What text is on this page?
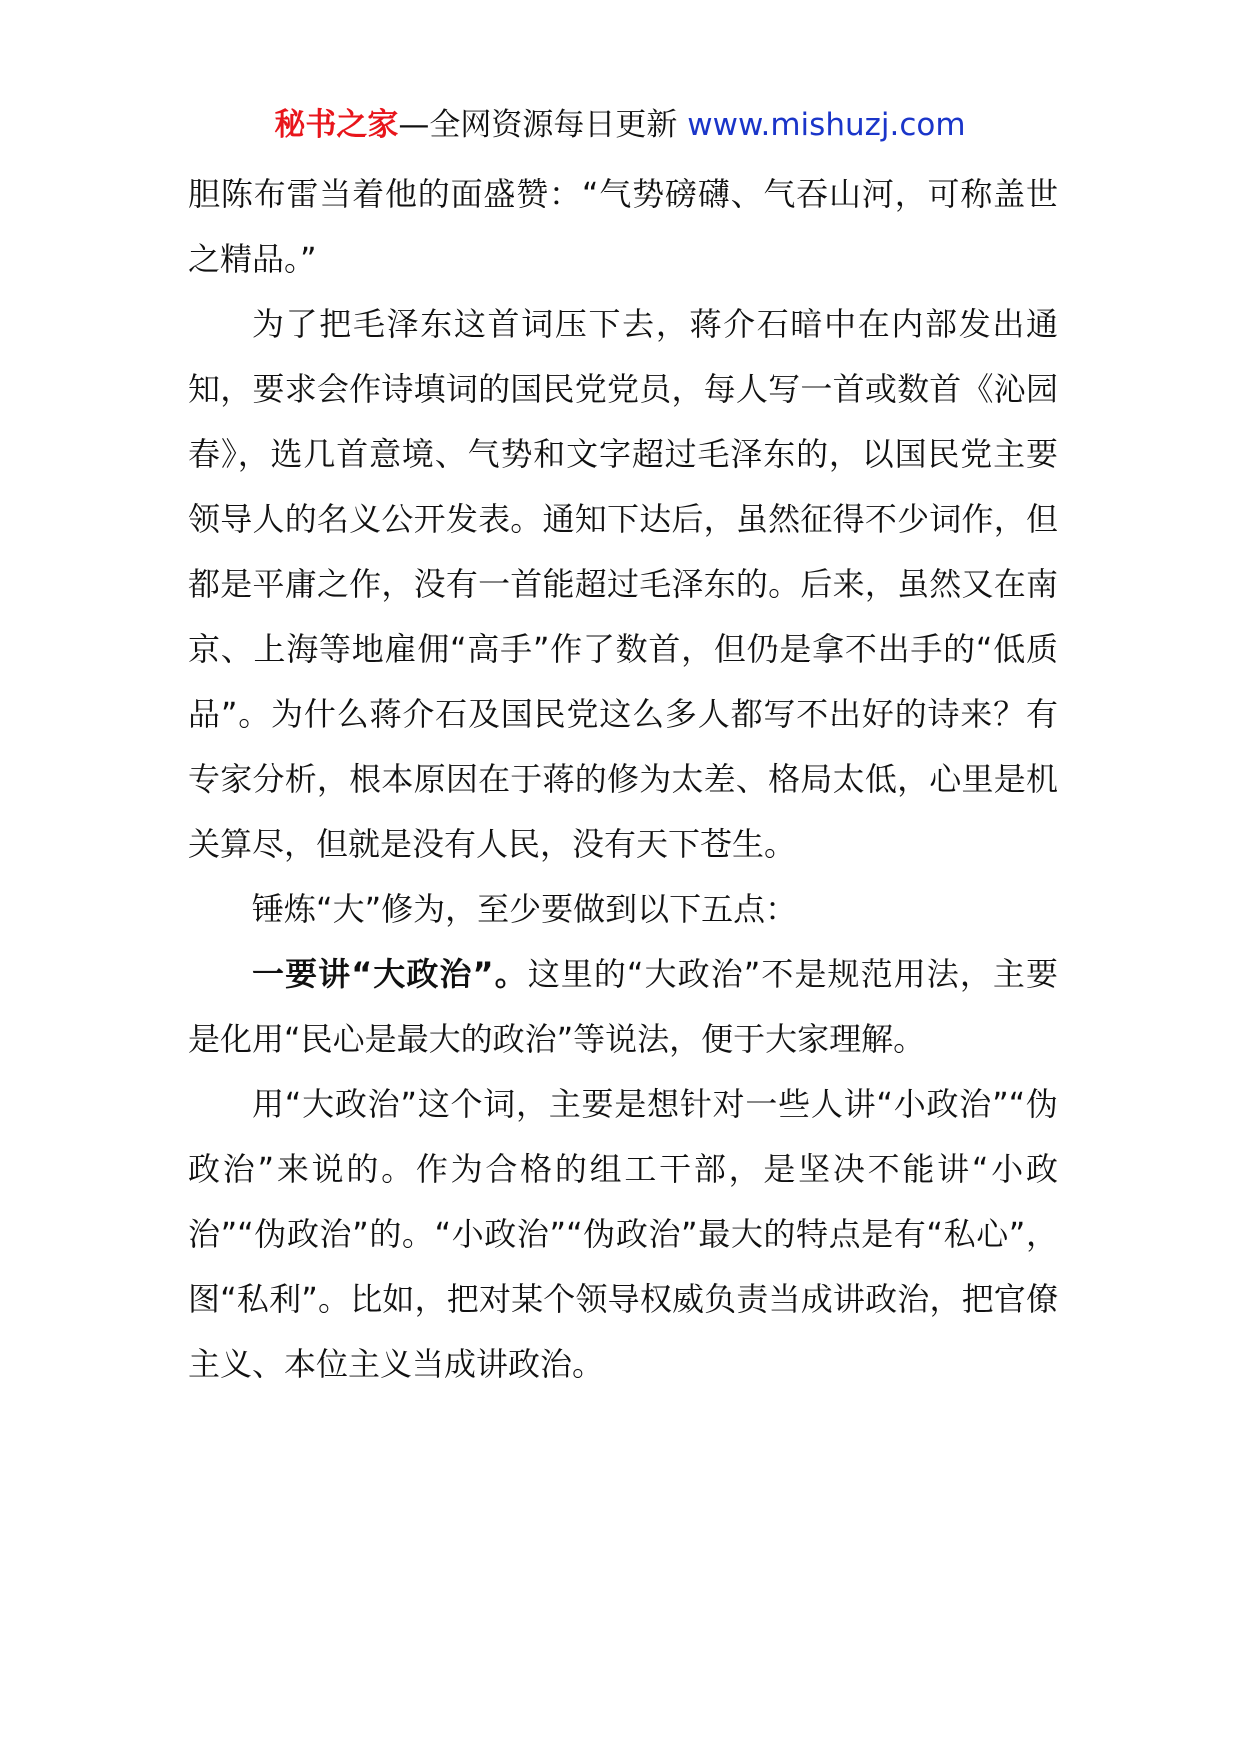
秘书之家—全网资源每日更新 www.mishuzj.com

胆陈布雷当着他的面盛赞：“气势磅礴、气吞山河，可称盖世之精品。”

为了把毛泽东这首词压下去，蒋介石暗中在内部发出通知，要求会作诗填词的国民党党员，每人写一首或数首《沁园春》，选几首意境、气势和文字超过毛泽东的，以国民党主要领导人的名义公开发表。通知下达后，虽然征得不少词作，但都是平庸之作，没有一首能超过毛泽东的。后来，虽然又在南京、上海等地雇佣“高手”作了数首，但仍是拿不出手的“低质品”。为什么蒋介石及国民党这么多人都写不出好的诗来？有专家分析，根本原因在于蒋的修为太差、格局太低，心里是机关算尽，但就是没有人民，没有天下苍生。

锤炼“大”修为，至少要做到以下五点：

一要讲“大政治”。这里的“大政治”不是规范用法，主要是化用“民心是最大的政治”等说法，便于大家理解。

用“大政治”这个词，主要是想针对一些人讲“小政治”“伪政治”来说的。作为合格的组工干部，是坚决不能讲“小政治”“伪政治”的。“小政治”“伪政治”最大的特点是有“私心”，图“私利”。比如，把对某个领导权威负责当成讲政治，把官僚主义、本位主义当成讲政治。
